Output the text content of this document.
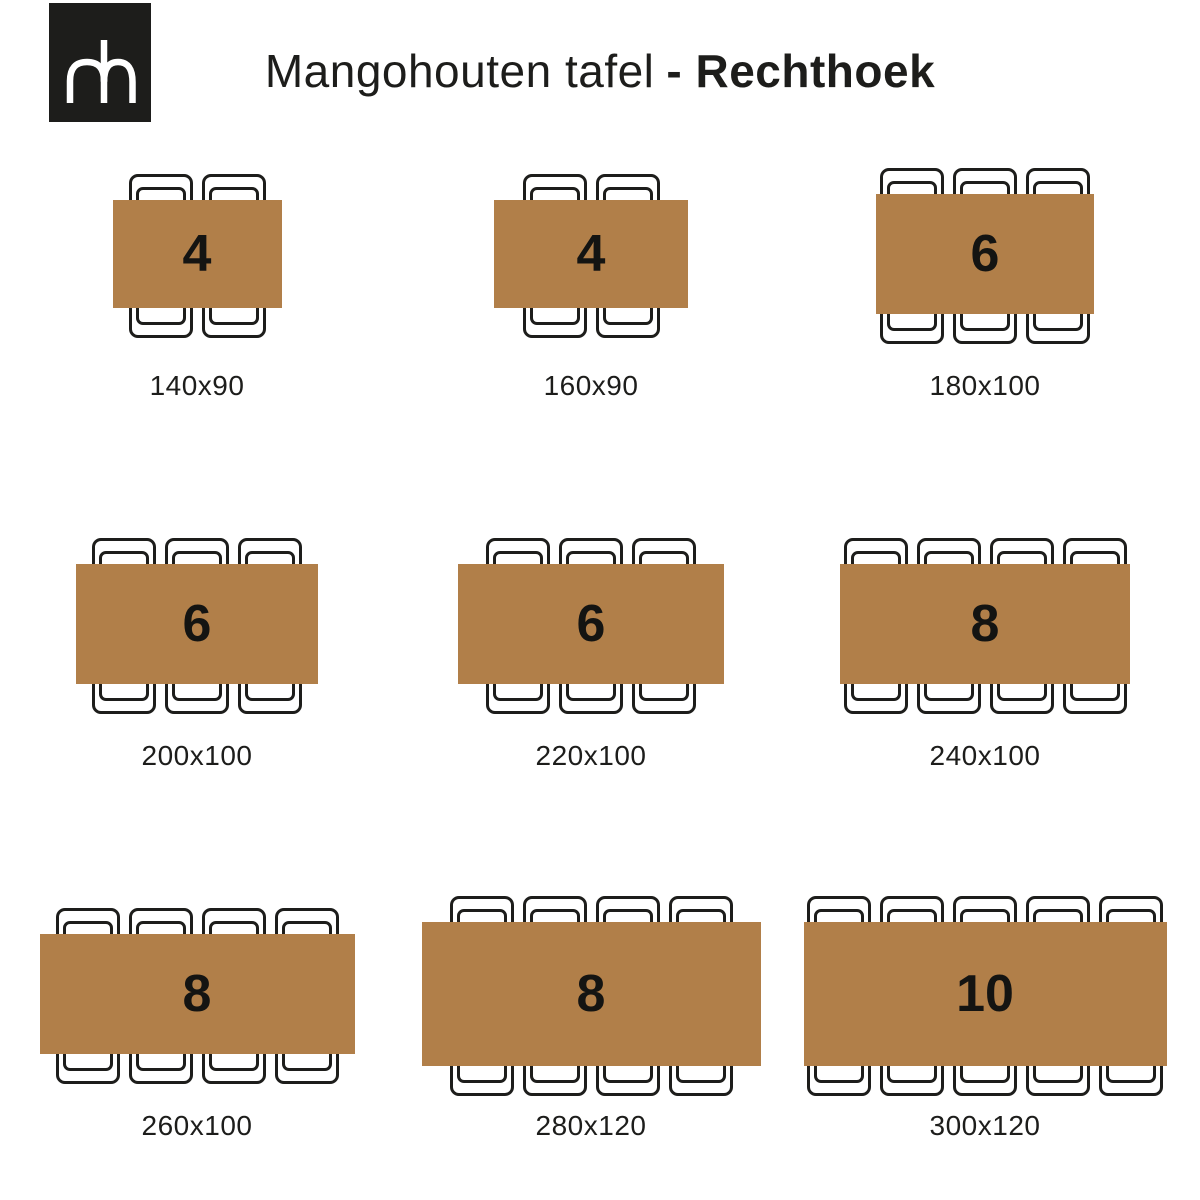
Mangohouten tafel - Rechthoek
4
140x90
4
160x90
6
180x100
6
200x100
6
220x100
8
240x100
8
260x100
8
280x120
10
300x120
